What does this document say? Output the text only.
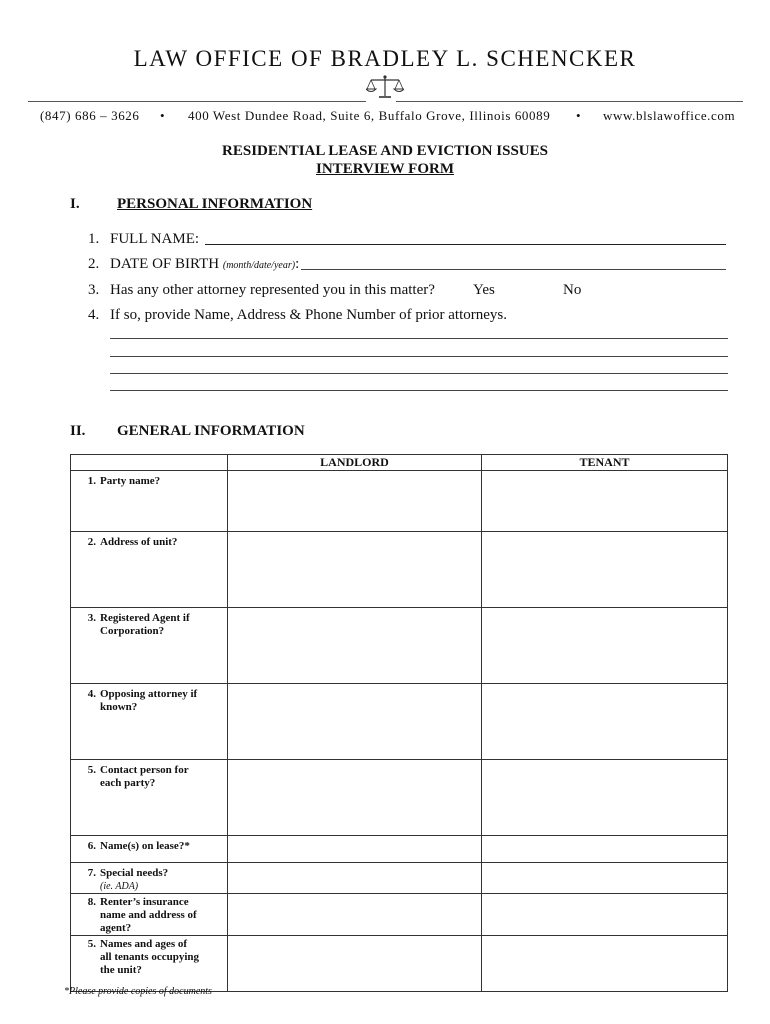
LAW OFFICE OF BRADLEY L. SCHENCKER
(847) 686 – 3626 • 400 West Dundee Road, Suite 6, Buffalo Grove, Illinois 60089 • www.blslawoffice.com
RESIDENTIAL LEASE AND EVICTION ISSUES
INTERVIEW FORM
I. PERSONAL INFORMATION
1. FULL NAME:
2. DATE OF BIRTH (month/date/year):
3. Has any other attorney represented you in this matter?	Yes	No
4. If so, provide Name, Address & Phone Number of prior attorneys.
II. GENERAL INFORMATION
	LANDLORD	TENANT

1. Party name?		

2. Address of unit?		

3. Registered Agent if Corporation?		

4. Opposing attorney if known?		

5. Contact person for each party?		

6. Name(s) on lease?*		

7. Special needs?
(ie. ADA)		

8. Renter’s insurance name and address of agent?		

5. Names and ages of all tenants occupying the unit?		

*Please provide copies of documents
